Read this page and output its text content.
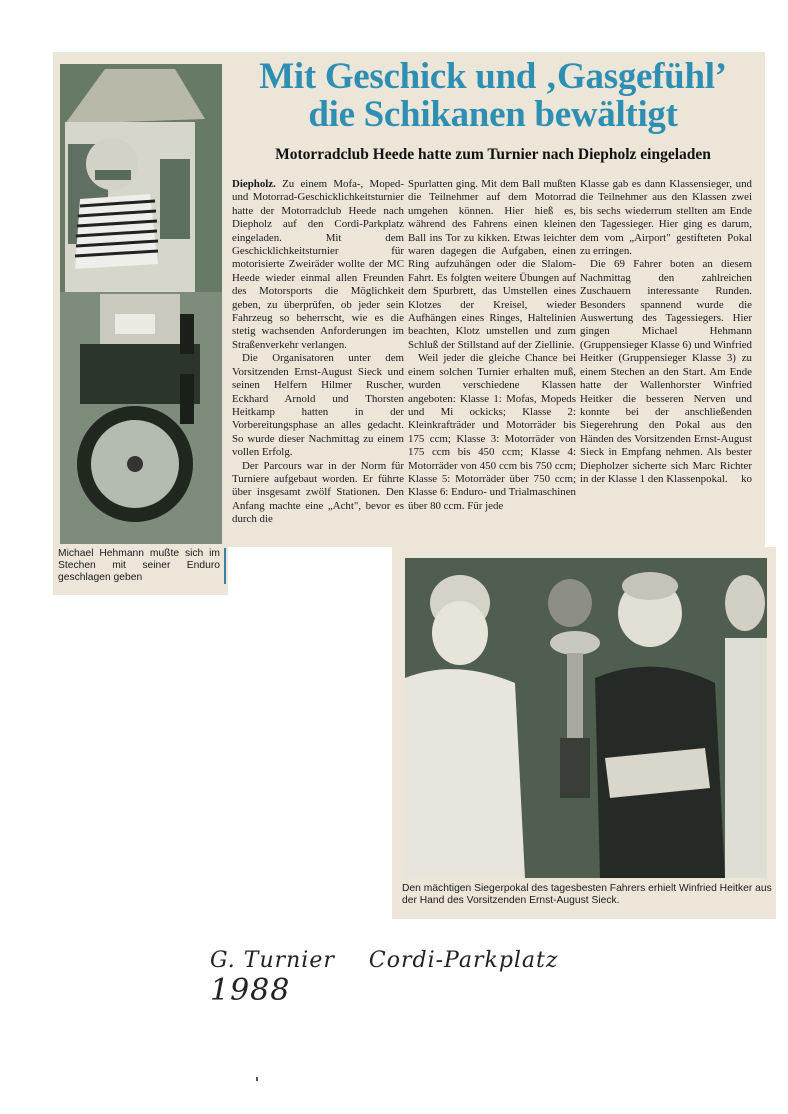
Mit Geschick und ‚Gasgefühl’
die Schikanen bewältigt
Motorradclub Heede hatte zum Turnier nach Diepholz eingeladen

Diepholz. Zu einem Mofa-, Moped- und Motorrad-Geschicklichkeitsturnier hatte der Motorradclub Heede nach Diepholz auf den Cordi-Parkplatz eingeladen. Mit dem Geschicklichkeitsturnier für motorisierte Zweiräder wollte der MC Heede wieder einmal allen Freunden des Motorsports die Möglichkeit geben, zu überprüfen, ob jeder sein Fahrzeug so beherrscht, wie es die stetig wachsenden Anforderungen im Straßenverkehr verlangen.

Die Organisatoren unter dem Vorsitzenden Ernst-August Sieck und seinen Helfern Hilmer Ruscher, Eckhard Arnold und Thorsten Heitkamp hatten in der Vorbereitungsphase an alles gedacht. So wurde dieser Nachmittag zu einem vollen Erfolg.

Der Parcours war in der Norm für Turniere aufgebaut worden. Er führte über insgesamt zwölf Stationen. Den Anfang machte eine „Acht", bevor es durch die

Spurlatten ging. Mit dem Ball mußten die Teilnehmer auf dem Motorrad umgehen können. Hier hieß es, während des Fahrens einen kleinen Ball ins Tor zu kikken. Etwas leichter waren dagegen die Aufgaben, einen Ring aufzuhängen oder die Slalom-Fahrt. Es folgten weitere Übungen auf dem Spurbrett, das Umstellen eines Klotzes der Kreisel, wieder Aufhängen eines Ringes, Haltelinien beachten, Klotz umstellen und zum Schluß der Stillstand auf der Ziellinie.

Weil jeder die gleiche Chance bei einem solchen Turnier erhalten muß, wurden verschiedene Klassen angeboten: Klasse 1: Mofas, Mopeds und Mi ockicks; Klasse 2: Kleinkrafträder und Motorräder bis 175 ccm; Klasse 3: Motorräder von 175 ccm bis 450 ccm; Klasse 4: Motorräder von 450 ccm bis 750 ccm; Klasse 5: Motorräder über 750 ccm; Klasse 6: Enduro- und Trialmaschinen über 80 ccm. Für jede

Klasse gab es dann Klassensieger, und die Teilnehmer aus den Klassen zwei bis sechs wiederrum stellten am Ende den Tagessieger. Hier ging es darum, dem vom „Airport" gestifteten Pokal zu erringen.

Die 69 Fahrer boten an diesem Nachmittag den zahlreichen Zuschauern interessante Runden. Besonders spannend wurde die Auswertung des Tagessiegers. Hier gingen Michael Hehmann (Gruppensieger Klasse 6) und Winfried Heitker (Gruppensieger Klasse 3) zu einem Stechen an den Start. Am Ende hatte der Wallenhorster Winfried Heitker die besseren Nerven und konnte bei der anschließenden Siegerehrung den Pokal aus den Händen des Vorsitzenden Ernst-August Sieck in Empfang nehmen. Als bester Diepholzer sicherte sich Marc Richter in der Klasse 1 den Klassenpokal.	ko

Michael Hehmann mußte sich im Stechen mit seiner Enduro geschlagen geben
Den mächtigen Siegerpokal des tagesbesten Fahrers erhielt Winfried Heitker aus der Hand des Vorsitzenden Ernst-August Sieck.
G. Turnier Cordi-Parkplatz 1988
